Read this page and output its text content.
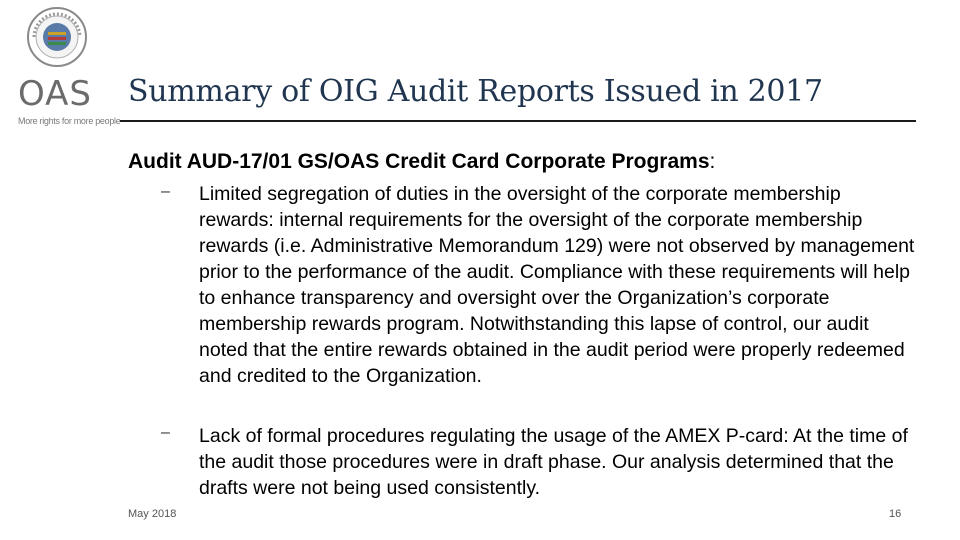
OAS
More rights for more people
Summary of OIG Audit Reports Issued in 2017
Audit AUD-17/01 GS/OAS Credit Card Corporate Programs:
– Limited segregation of duties in the oversight of the corporate membership rewards: internal requirements for the oversight of the corporate membership rewards (i.e. Administrative Memorandum 129) were not observed by management prior to the performance of the audit. Compliance with these requirements will help to enhance transparency and oversight over the Organization’s corporate membership rewards program. Notwithstanding this lapse of control, our audit noted that the entire rewards obtained in the audit period were properly redeemed and credited to the Organization.
– Lack of formal procedures regulating the usage of the AMEX P-card: At the time of the audit those procedures were in draft phase. Our analysis determined that the drafts were not being used consistently.
May 2018	16
